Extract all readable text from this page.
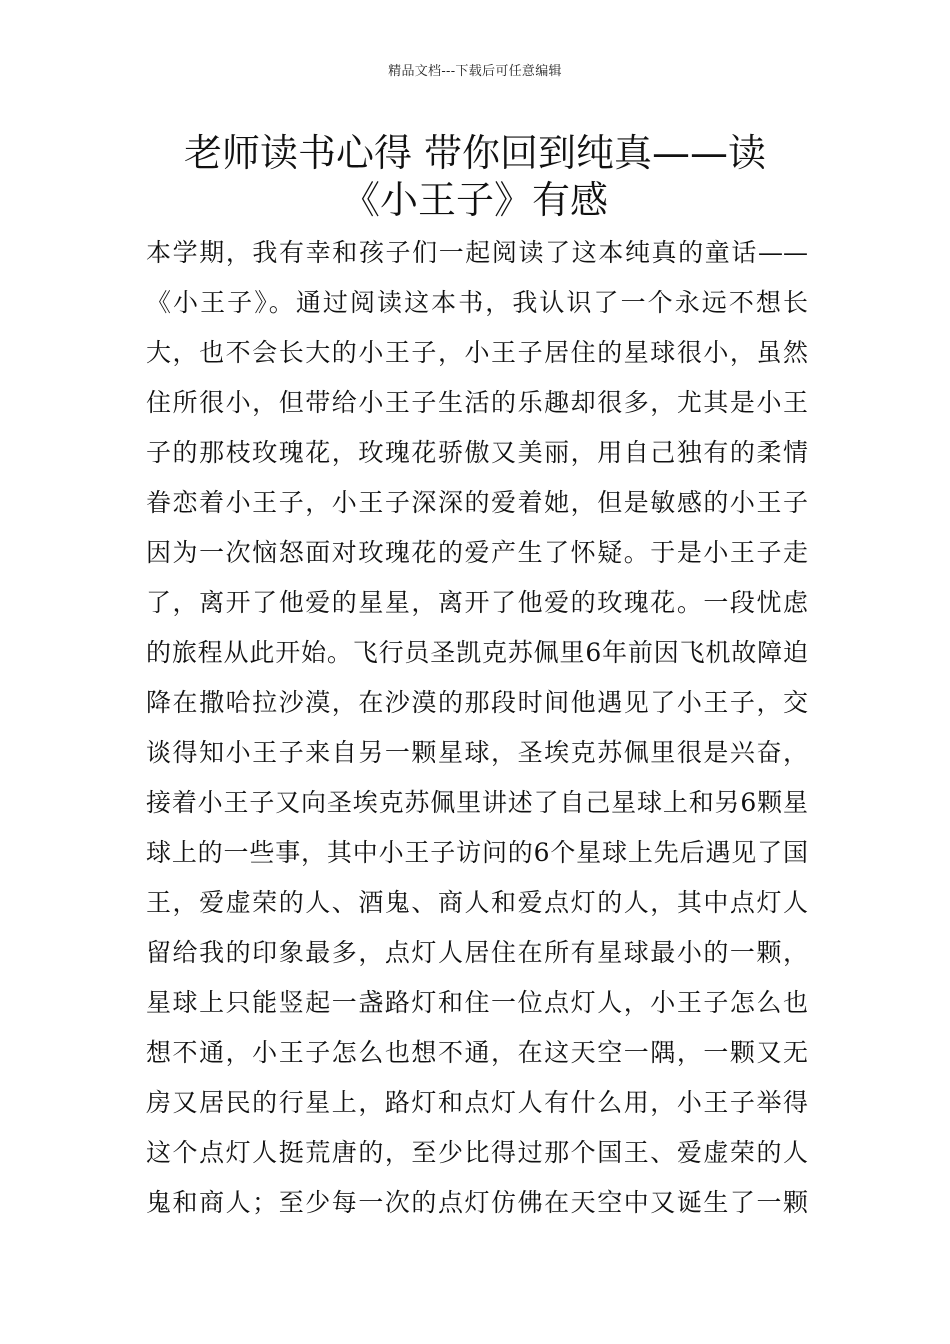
精品文档---下载后可任意编辑
老师读书心得 带你回到纯真——读
《小王子》有感
本学期，我有幸和孩子们一起阅读了这本纯真的童话——
《小王子》。通过阅读这本书，我认识了一个永远不想长
大，也不会长大的小王子，小王子居住的星球很小，虽然
住所很小，但带给小王子生活的乐趣却很多，尤其是小王
子的那枝玫瑰花，玫瑰花骄傲又美丽，用自己独有的柔情
眷恋着小王子，小王子深深的爱着她，但是敏感的小王子
因为一次恼怒面对玫瑰花的爱产生了怀疑。于是小王子走
了，离开了他爱的星星，离开了他爱的玫瑰花。一段忧虑
的旅程从此开始。飞行员圣凯克苏佩里6年前因飞机故障迫
降在撒哈拉沙漠，在沙漠的那段时间他遇见了小王子，交
谈得知小王子来自另一颗星球，圣埃克苏佩里很是兴奋，
接着小王子又向圣埃克苏佩里讲述了自己星球上和另6颗星
球上的一些事，其中小王子访问的6个星球上先后遇见了国
王，爱虚荣的人、酒鬼、商人和爱点灯的人，其中点灯人
留给我的印象最多，点灯人居住在所有星球最小的一颗，
星球上只能竖起一盏路灯和住一位点灯人，小王子怎么也
想不通，小王子怎么也想不通，在这天空一隅，一颗又无
房又居民的行星上，路灯和点灯人有什么用，小王子举得
这个点灯人挺荒唐的，至少比得过那个国王、爱虚荣的人
鬼和商人；至少每一次的点灯仿佛在天空中又诞生了一颗
